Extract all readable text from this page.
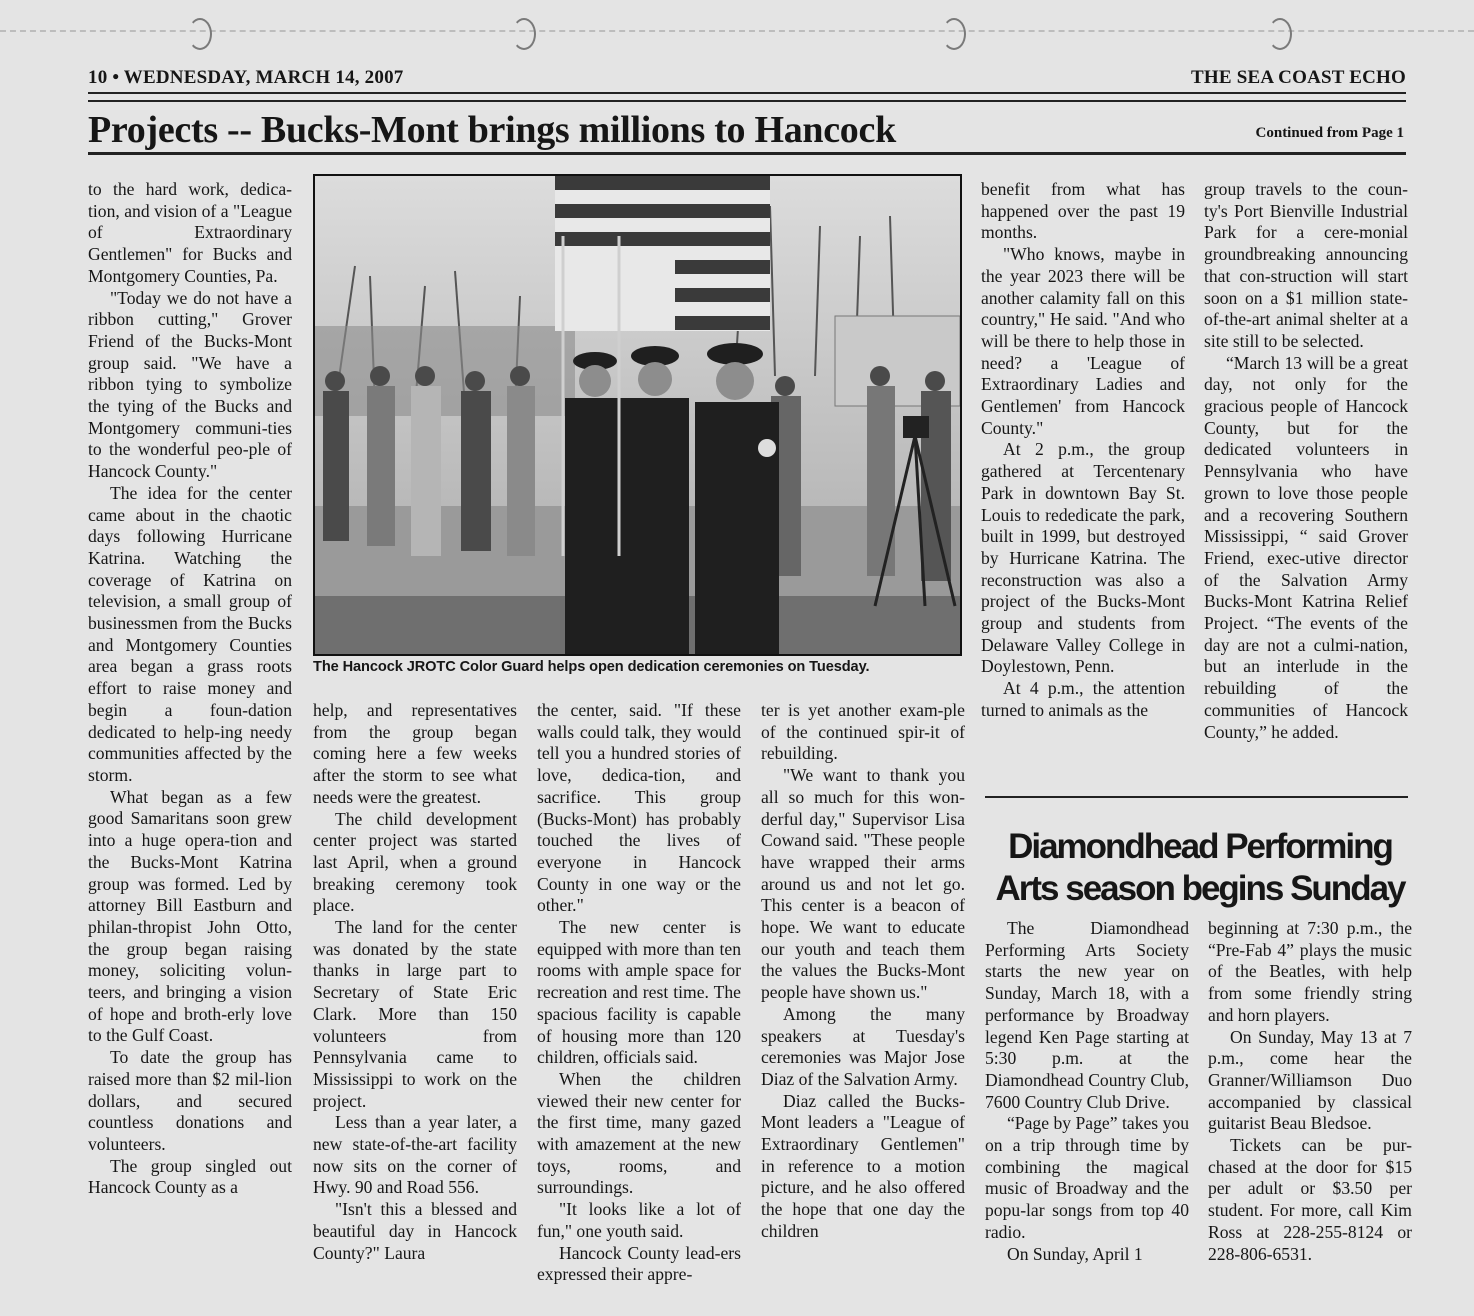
10 • WEDNESDAY, MARCH 14, 2007	THE SEA COAST ECHO
Projects -- Bucks-Mont brings millions to Hancock	Continued from Page 1
The Hancock JROTC Color Guard helps open dedication ceremonies on Tuesday.

to the hard work, dedica-tion, and vision of a "League of Extraordinary Gentlemen" for Bucks and Montgomery Counties, Pa.

"Today we do not have a ribbon cutting," Grover Friend of the Bucks-Mont group said. "We have a ribbon tying to symbolize the tying of the Bucks and Montgomery communi-ties to the wonderful peo-ple of Hancock County."

The idea for the center came about in the chaotic days following Hurricane Katrina. Watching the coverage of Katrina on television, a small group of businessmen from the Bucks and Montgomery Counties area began a grass roots effort to raise money and begin a foun-dation dedicated to help-ing needy communities affected by the storm.

What began as a few good Samaritans soon grew into a huge opera-tion and the Bucks-Mont Katrina group was formed. Led by attorney Bill Eastburn and philan-thropist John Otto, the group began raising money, soliciting volun-teers, and bringing a vision of hope and broth-erly love to the Gulf Coast.

To date the group has raised more than $2 mil-lion dollars, and secured countless donations and volunteers.

The group singled out Hancock County as a

help, and representatives from the group began coming here a few weeks after the storm to see what needs were the greatest.

The child development center project was started last April, when a ground breaking ceremony took place.

The land for the center was donated by the state thanks in large part to Secretary of State Eric Clark. More than 150 volunteers from Pennsylvania came to Mississippi to work on the project.

Less than a year later, a new state-of-the-art facility now sits on the corner of Hwy. 90 and Road 556.

"Isn't this a blessed and beautiful day in Hancock County?" Laura

the center, said. "If these walls could talk, they would tell you a hundred stories of love, dedica-tion, and sacrifice. This group (Bucks-Mont) has probably touched the lives of everyone in Hancock County in one way or the other."

The new center is equipped with more than ten rooms with ample space for recreation and rest time. The spacious facility is capable of housing more than 120 children, officials said.

When the children viewed their new center for the first time, many gazed with amazement at the new toys, rooms, and surroundings.

"It looks like a lot of fun," one youth said.

Hancock County lead-ers expressed their appre-

ter is yet another exam-ple of the continued spir-it of rebuilding.

"We want to thank you all so much for this won-derful day," Supervisor Lisa Cowand said. "These people have wrapped their arms around us and not let go. This center is a beacon of hope. We want to educate our youth and teach them the values the Bucks-Mont people have shown us."

Among the many speakers at Tuesday's ceremonies was Major Jose Diaz of the Salvation Army.

Diaz called the Bucks-Mont leaders a "League of Extraordinary Gentlemen" in reference to a motion picture, and he also offered the hope that one day the children

benefit from what has happened over the past 19 months.

"Who knows, maybe in the year 2023 there will be another calamity fall on this country," He said. "And who will be there to help those in need? a 'League of Extraordinary Ladies and Gentlemen' from Hancock County."

At 2 p.m., the group gathered at Tercentenary Park in downtown Bay St. Louis to rededicate the park, built in 1999, but destroyed by Hurricane Katrina. The reconstruction was also a project of the Bucks-Mont group and students from Delaware Valley College in Doylestown, Penn.

At 4 p.m., the attention turned to animals as the

group travels to the coun-ty's Port Bienville Industrial Park for a cere-monial groundbreaking announcing that con-struction will start soon on a $1 million state-of-the-art animal shelter at a site still to be selected.

“March 13 will be a great day, not only for the gracious people of Hancock County, but for the dedicated volunteers in Pennsylvania who have grown to love those people and a recovering Southern Mississippi, “ said Grover Friend, exec-utive director of the Salvation Army Bucks-Mont Katrina Relief Project. “The events of the day are not a culmi-nation, but an interlude in the rebuilding of the communities of Hancock County,” he added.

Diamondhead Performing Arts season begins Sunday

The Diamondhead Performing Arts Society starts the new year on Sunday, March 18, with a performance by Broadway legend Ken Page starting at 5:30 p.m. at the Diamondhead Country Club, 7600 Country Club Drive.

“Page by Page” takes you on a trip through time by combining the magical music of Broadway and the popu-lar songs from top 40 radio.

On Sunday, April 1

beginning at 7:30 p.m., the “Pre-Fab 4” plays the music of the Beatles, with help from some friendly string and horn players.

On Sunday, May 13 at 7 p.m., come hear the Granner/Williamson Duo accompanied by classical guitarist Beau Bledsoe.

Tickets can be pur-chased at the door for $15 per adult or $3.50 per student. For more, call Kim Ross at 228-255-8124 or 228-806-6531.
